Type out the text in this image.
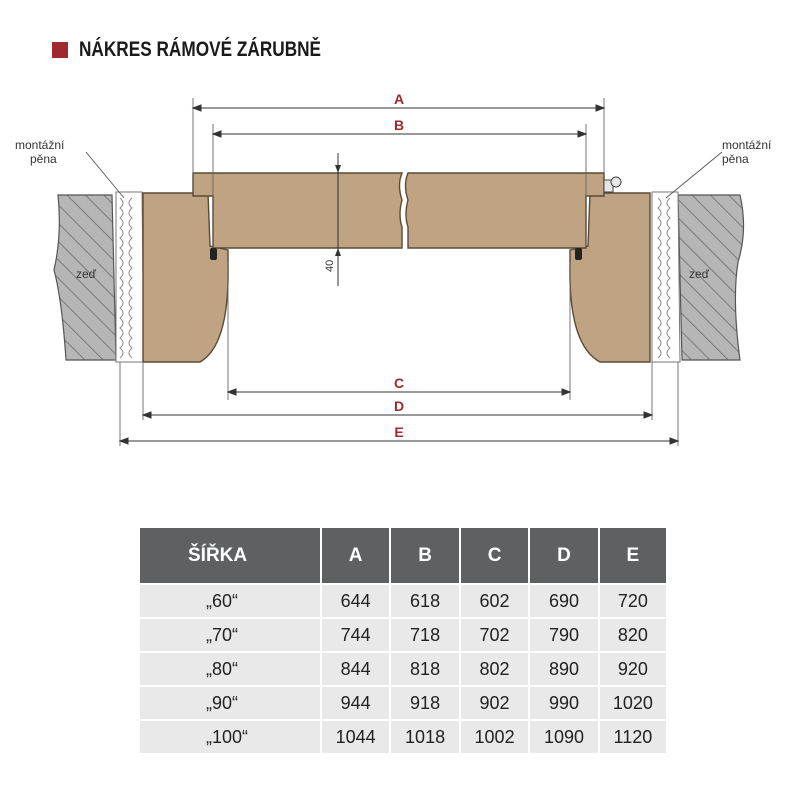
NÁKRES RÁMOVÉ ZÁRUBNĚ
40
A
B
C
D
E
montážní
pěna
montážní
pěna
zeď	zeď
ŠÍŘKA	A	B	C	D	E
„60“	644	618	602	690	720
„70“	744	718	702	790	820
„80“	844	818	802	890	920
„90“	944	918	902	990	1020
„100“	1044	1018	1002	1090	1120
